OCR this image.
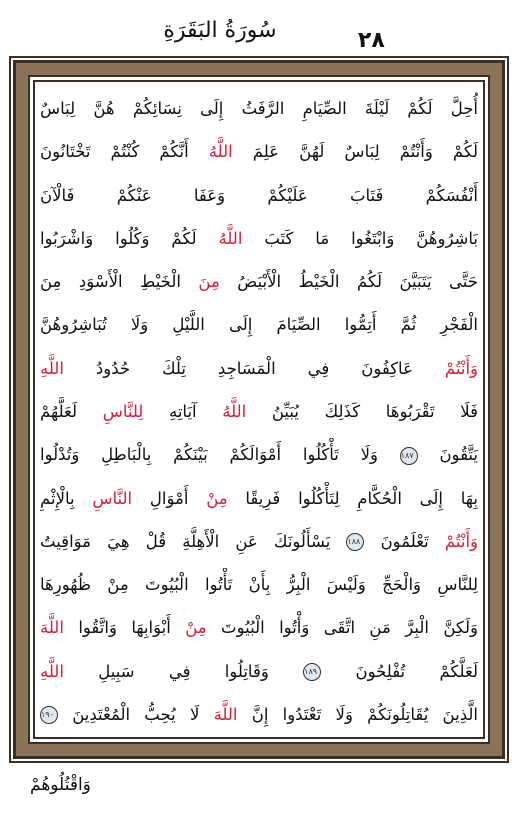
٢٨
سُورَةُ البَقَرَةِ
أُحِلَّ لَكُمْ لَيْلَةَ الصِّيَامِ الرَّفَثُ إِلَى نِسَائِكُمْ هُنَّ لِبَاسٌ
لَكُمْ وَأَنْتُمْ لِبَاسٌ لَهُنَّ عَلِمَ اللَّهُ أَنَّكُمْ كُنْتُمْ تَخْتَانُونَ
أَنْفُسَكُمْ فَتَابَ عَلَيْكُمْ وَعَفَا عَنْكُمْ فَالْآنَ
بَاشِرُوهُنَّ وَابْتَغُوا مَا كَتَبَ اللَّهُ لَكُمْ وَكُلُوا وَاشْرَبُوا
حَتَّى يَتَبَيَّنَ لَكُمُ الْخَيْطُ الْأَبْيَضُ مِنَ الْخَيْطِ الْأَسْوَدِ مِنَ
الْفَجْرِ ثُمَّ أَتِمُّوا الصِّيَامَ إِلَى اللَّيْلِ وَلَا تُبَاشِرُوهُنَّ
وَأَنْتُمْ عَاكِفُونَ فِي الْمَسَاجِدِ تِلْكَ حُدُودُ اللَّهِ
فَلَا تَقْرَبُوهَا كَذَلِكَ يُبَيِّنُ اللَّهُ آيَاتِهِ لِلنَّاسِ لَعَلَّهُمْ
يَتَّقُونَ ١٨٧ وَلَا تَأْكُلُوا أَمْوَالَكُمْ بَيْنَكُمْ بِالْبَاطِلِ وَتُدْلُوا
بِهَا إِلَى الْحُكَّامِ لِتَأْكُلُوا فَرِيقًا مِنْ أَمْوَالِ النَّاسِ بِالْإِثْمِ
وَأَنْتُمْ تَعْلَمُونَ ١٨٨ يَسْأَلُونَكَ عَنِ الْأَهِلَّةِ قُلْ هِيَ مَوَاقِيتُ
لِلنَّاسِ وَالْحَجِّ وَلَيْسَ الْبِرُّ بِأَنْ تَأْتُوا الْبُيُوتَ مِنْ ظُهُورِهَا
وَلَكِنَّ الْبِرَّ مَنِ اتَّقَى وَأْتُوا الْبُيُوتَ مِنْ أَبْوَابِهَا وَاتَّقُوا اللَّهَ
لَعَلَّكُمْ تُفْلِحُونَ ١٨٩ وَقَاتِلُوا فِي سَبِيلِ اللَّهِ
الَّذِينَ يُقَاتِلُونَكُمْ وَلَا تَعْتَدُوا إِنَّ اللَّهَ لَا يُحِبُّ الْمُعْتَدِينَ ١٩٠
وَاقْتُلُوهُمْ
